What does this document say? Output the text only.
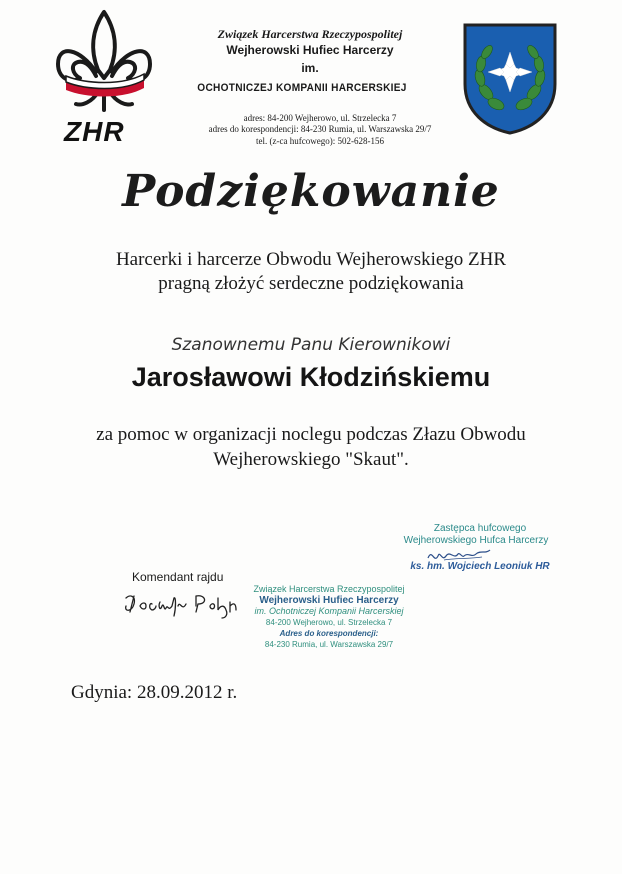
ZHR
Związek Harcerstwa Rzeczypospolitej
Wejherowski Hufiec Harcerzy
im.
OCHOTNICZEJ KOMPANII HARCERSKIEJ
adres: 84-200 Wejherowo, ul. Strzelecka 7
adres do korespondencji: 84-230 Rumia, ul. Warszawska 29/7
tel. (z-ca hufcowego): 502-628-156
Podziękowanie
Harcerki i harcerze Obwodu Wejherowskiego ZHR
pragną złożyć serdeczne podziękowania
Szanownemu Panu Kierownikowi
Jarosławowi Kłodzińskiemu
za pomoc w organizacji noclegu podczas Złazu Obwodu
Wejherowskiego "Skaut".
Zastępca hufcowego
Wejherowskiego Hufca Harcerzy
ks. hm. Wojciech Leoniuk HR
Komendant rajdu
Związek Harcerstwa Rzeczypospolitej
Wejherowski Hufiec Harcerzy
im. Ochotniczej Kompanii Harcerskiej
84-200 Wejherowo, ul. Strzelecka 7
Adres do korespondencji:
84-230 Rumia, ul. Warszawska 29/7
Gdynia: 28.09.2012 r.
